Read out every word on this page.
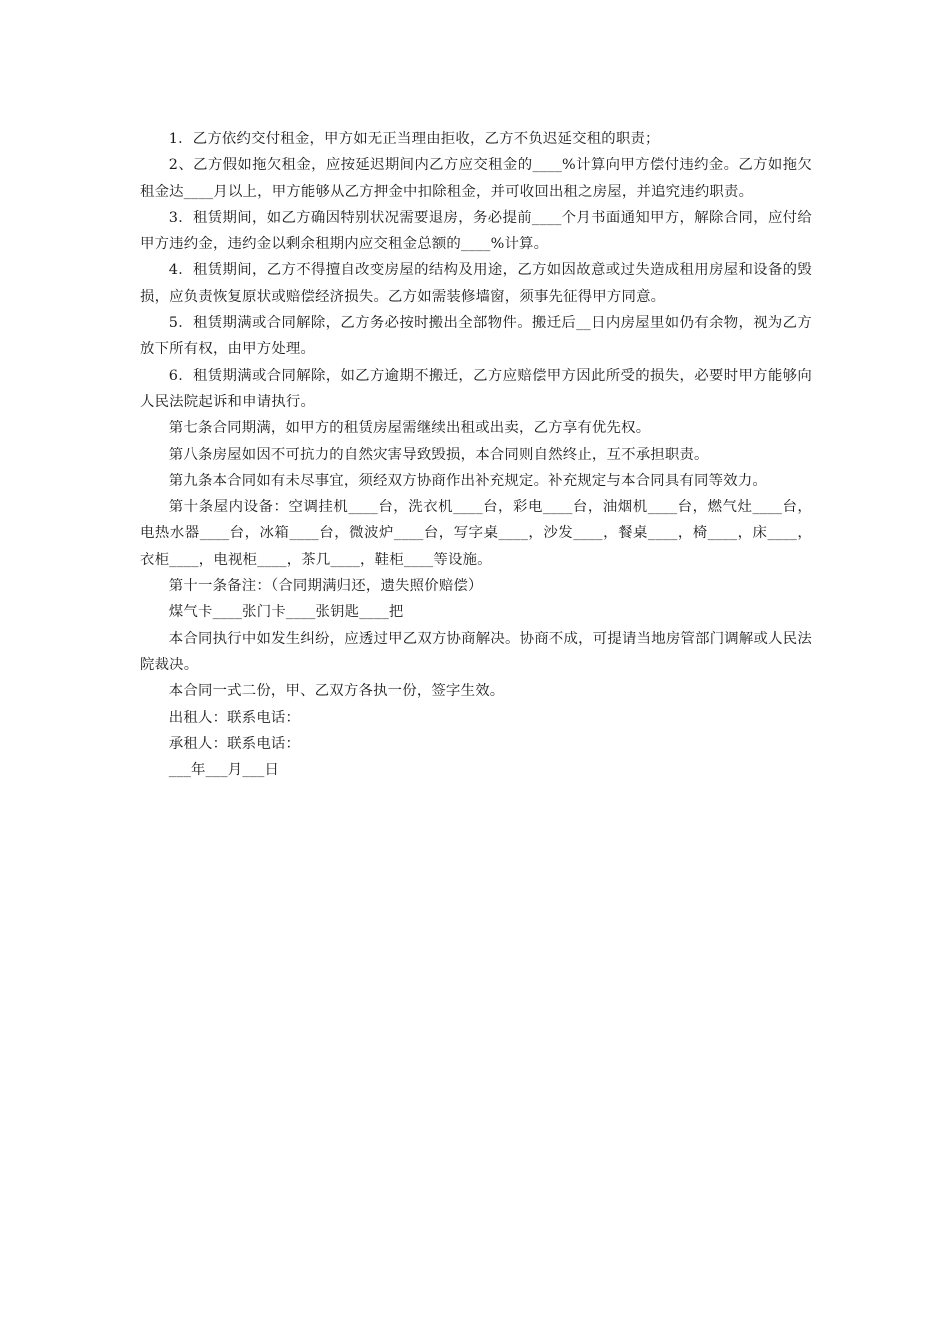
1．乙方依约交付租金，甲方如无正当理由拒收，乙方不负迟延交租的职责；

2、乙方假如拖欠租金，应按延迟期间内乙方应交租金的____%计算向甲方偿付违约金。乙方如拖欠租金达____月以上，甲方能够从乙方押金中扣除租金，并可收回出租之房屋，并追究违约职责。

3．租赁期间，如乙方确因特别状况需要退房，务必提前____个月书面通知甲方，解除合同，应付给甲方违约金，违约金以剩余租期内应交租金总额的____%计算。

4．租赁期间，乙方不得擅自改变房屋的结构及用途，乙方如因故意或过失造成租用房屋和设备的毁损，应负责恢复原状或赔偿经济损失。乙方如需装修墙窗，须事先征得甲方同意。

5．租赁期满或合同解除，乙方务必按时搬出全部物件。搬迁后__日内房屋里如仍有余物，视为乙方放下所有权，由甲方处理。

6．租赁期满或合同解除，如乙方逾期不搬迁，乙方应赔偿甲方因此所受的损失，必要时甲方能够向人民法院起诉和申请执行。

第七条合同期满，如甲方的租赁房屋需继续出租或出卖，乙方享有优先权。

第八条房屋如因不可抗力的自然灾害导致毁损，本合同则自然终止，互不承担职责。

第九条本合同如有未尽事宜，须经双方协商作出补充规定。补充规定与本合同具有同等效力。

第十条屋内设备：空调挂机____台，洗衣机____台，彩电____台，油烟机____台，燃气灶____台，电热水器____台，冰箱____台，微波炉____台，写字桌____，沙发____，餐桌____，椅____，床____，衣柜____，电视柜____，茶几____，鞋柜____等设施。

第十一条备注：（合同期满归还，遗失照价赔偿）

煤气卡____张门卡____张钥匙____把

本合同执行中如发生纠纷，应透过甲乙双方协商解决。协商不成，可提请当地房管部门调解或人民法院裁决。

本合同一式二份，甲、乙双方各执一份，签字生效。

出租人：联系电话：

承租人：联系电话：

___年___月___日
